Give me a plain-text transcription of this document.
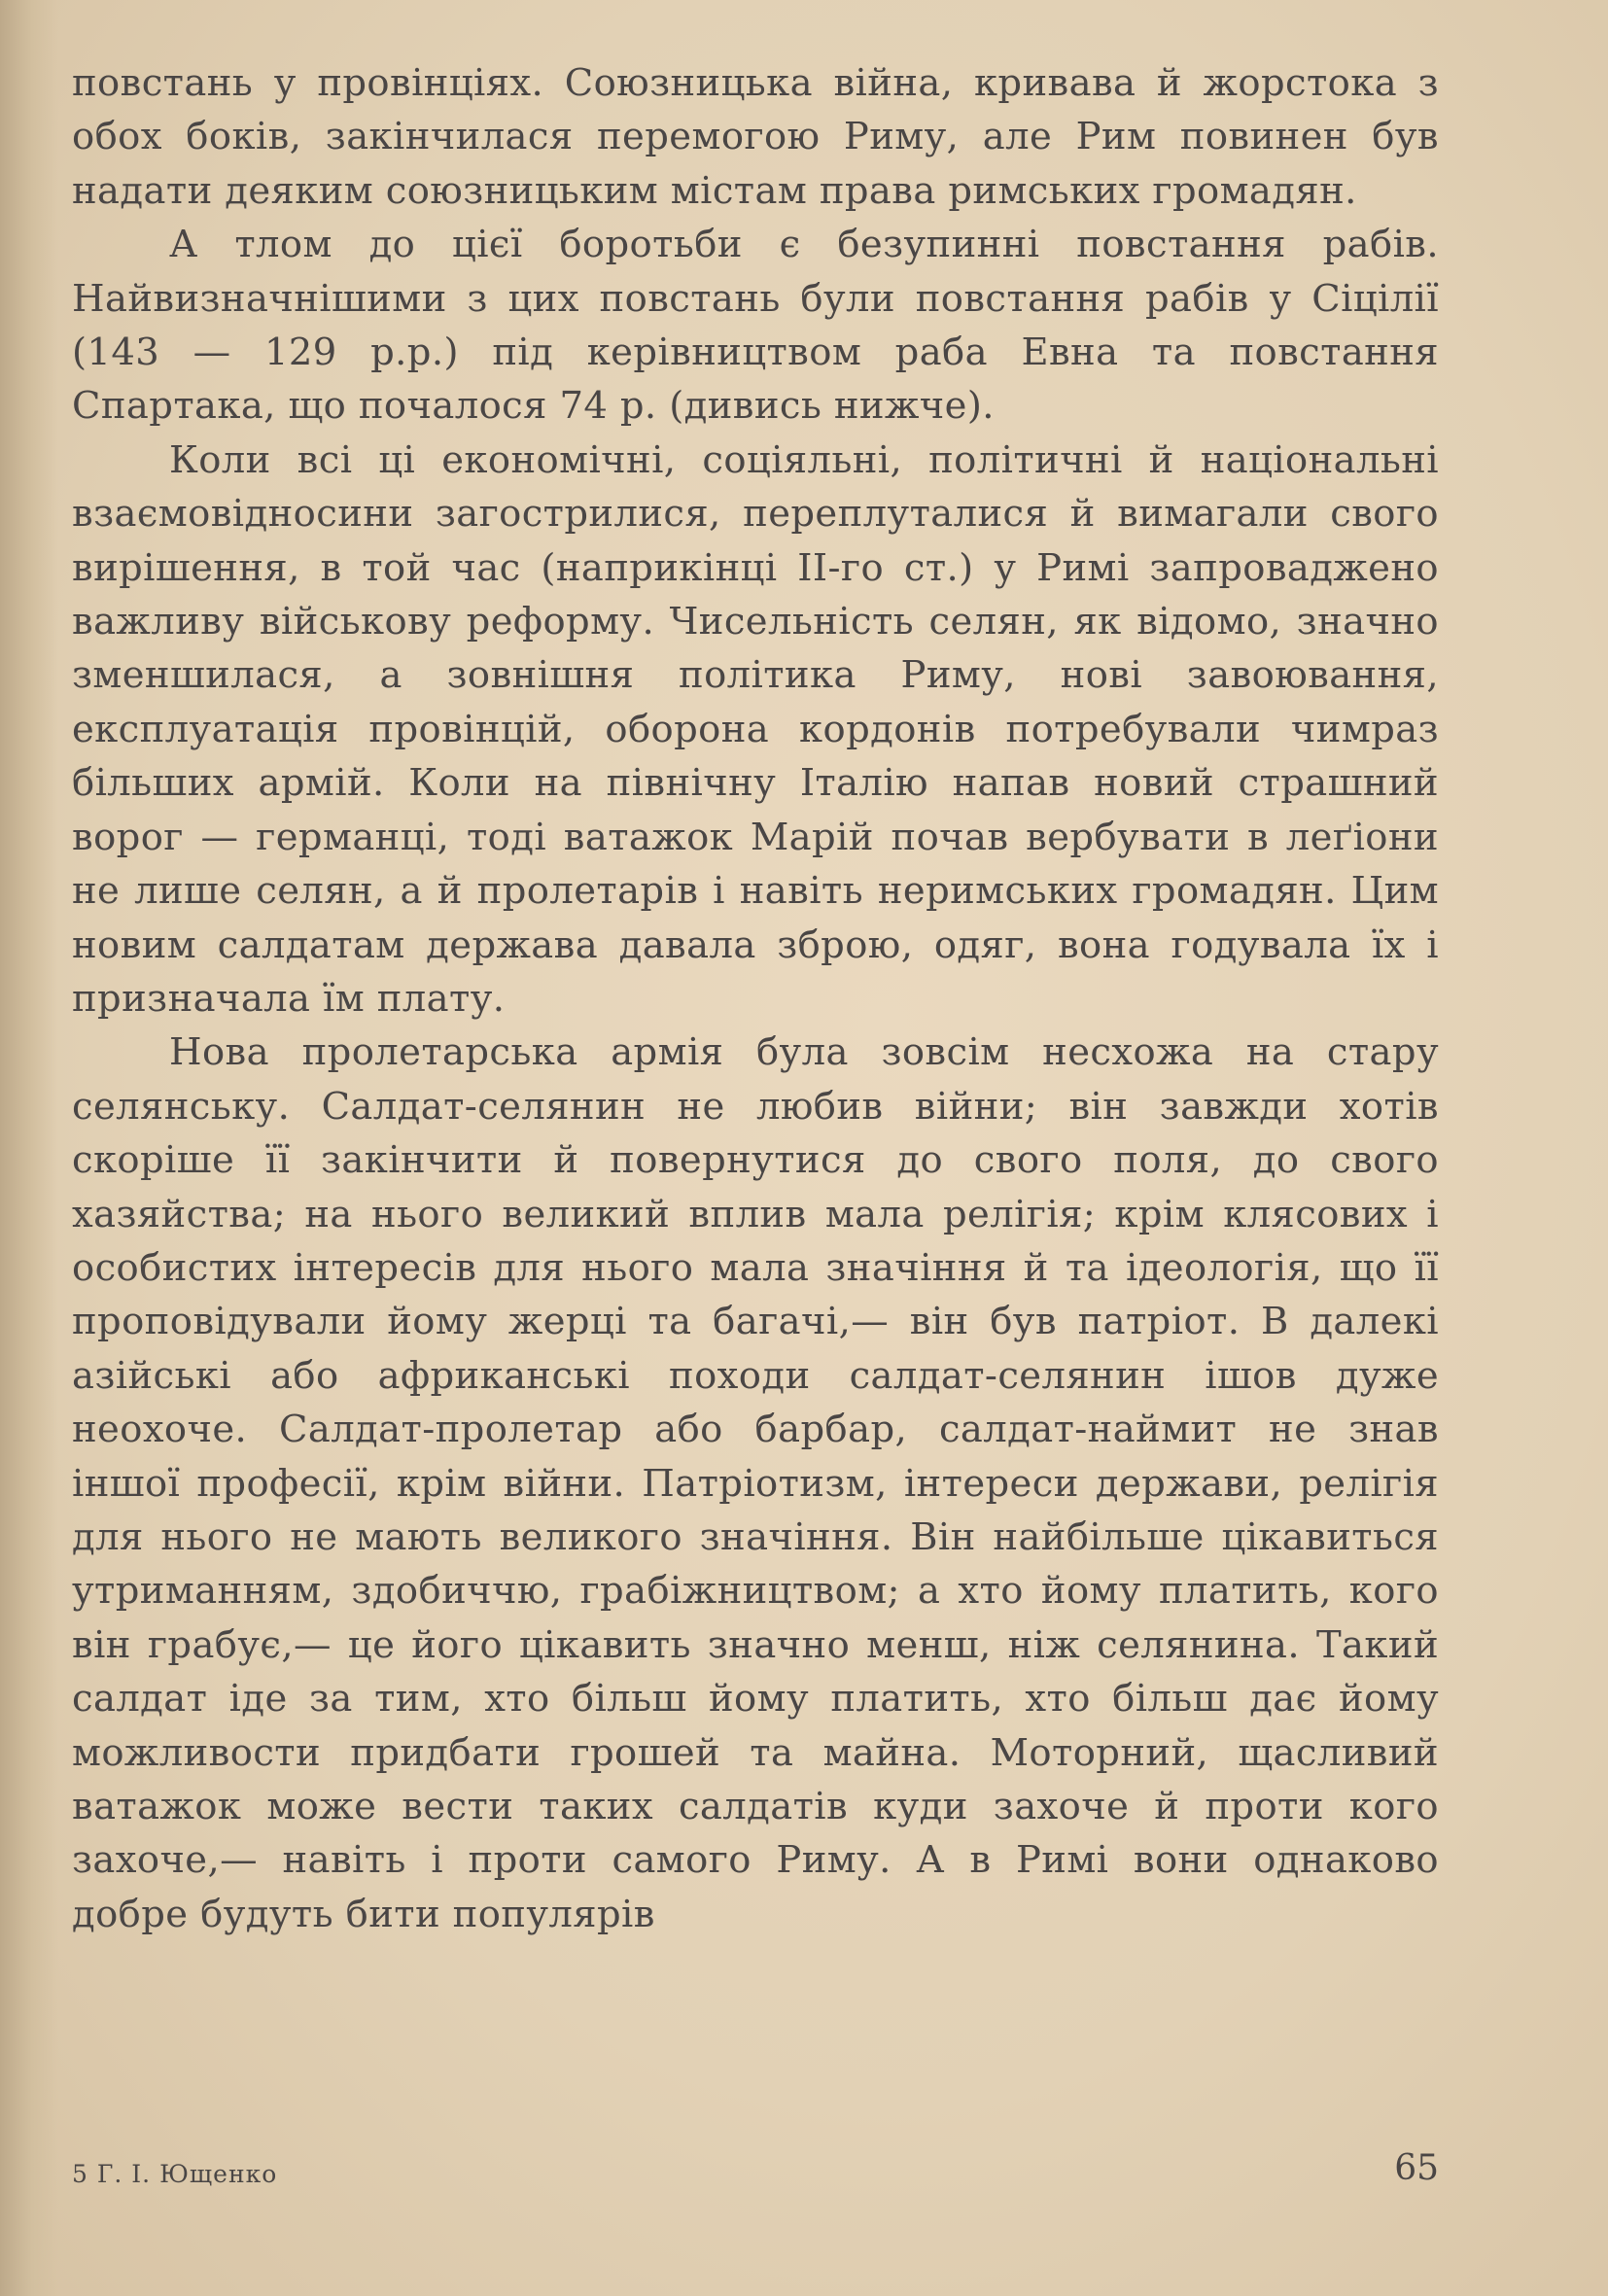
повстань у провінціях. Союзницька війна, кривава й жорстока з обох боків, закінчилася перемогою Риму, але Рим повинен був надати деяким союзницьким містам права римських громадян.

А тлом до цієї боротьби є безупинні повстання рабів. Найвизначнішими з цих повстань були повстання рабів у Сіцілії (143 — 129 р.р.) під керівництвом раба Евна та повстання Спартака, що почалося 74 р. (дивись нижче).

Коли всі ці економічні, соціяльні, політичні й національні взаємовідносини загострилися, переплуталися й вимагали свого вирішення, в той час (наприкінці ІІ-го ст.) у Римі запроваджено важливу військову реформу. Чисельність селян, як відомо, значно зменшилася, а зовнішня політика Риму, нові завоювання, експлуатація провінцій, оборона кордонів потребували чимраз більших армій. Коли на північну Італію напав новий страшний ворог — германці, тоді ватажок Марій почав вербувати в леґіони не лише селян, а й пролетарів і навіть неримських громадян. Цим новим салдатам держава давала зброю, одяг, вона годувала їх і призначала їм плату.

Нова пролетарська армія була зовсім несхожа на стару селянську. Салдат-селянин не любив війни; він завжди хотів скоріше її закінчити й повернутися до свого поля, до свого хазяйства; на нього великий вплив мала релігія; крім клясових і особистих інтересів для нього мала значіння й та ідеологія, що її проповідували йому жерці та багачі,— він був патріот. В далекі азійські або африканські походи салдат-селянин ішов дуже неохоче. Салдат-пролетар або барбар, салдат-наймит не знав іншої професії, крім війни. Патріотизм, інтереси держави, релігія для нього не мають великого значіння. Він найбільше цікавиться утриманням, здобиччю, грабіжництвом; а хто йому платить, кого він грабує,— це його цікавить значно менш, ніж селянина. Такий салдат іде за тим, хто більш йому платить, хто більш дає йому можливости придбати грошей та майна. Моторний, щасливий ватажок може вести таких салдатів куди захоче й проти кого захоче,— навіть і проти самого Риму. А в Римі вони однаково добре будуть бити популярів

5 Г. І. Ющенко	65
